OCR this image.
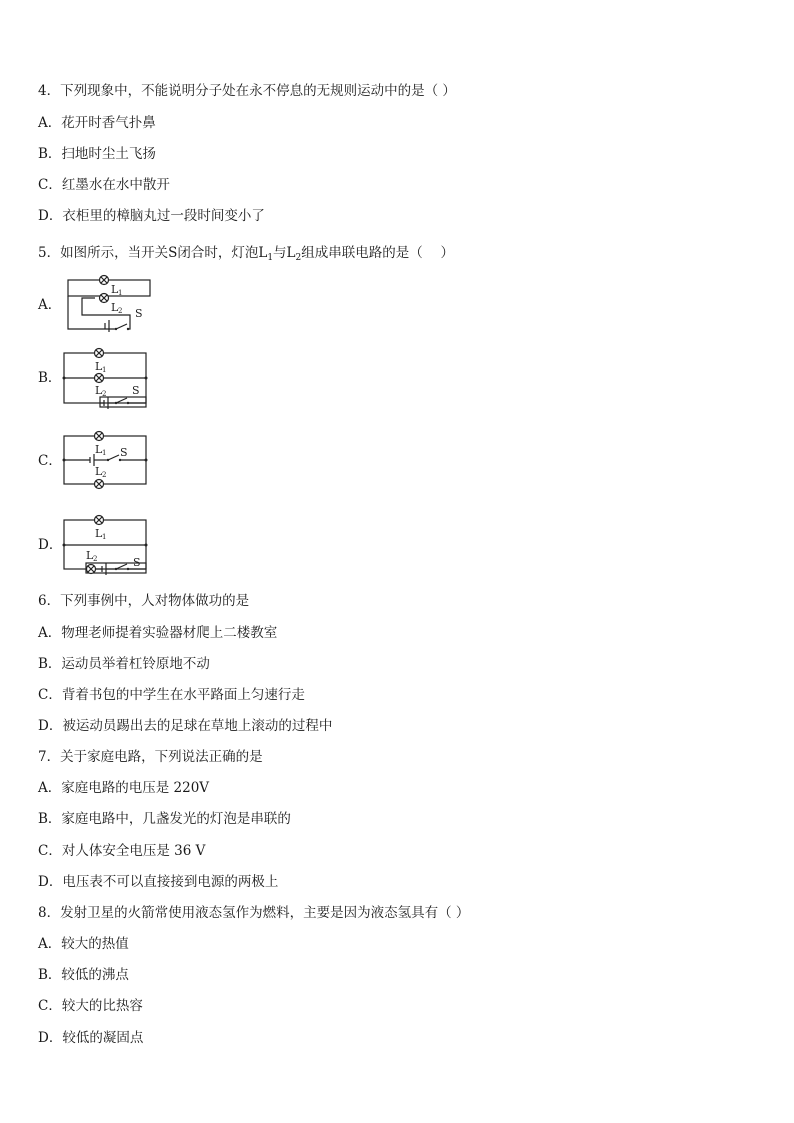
4．下列现象中，不能说明分子处在永不停息的无规则运动中的是（ ）
A．花开时香气扑鼻
B．扫地时尘土飞扬
C．红墨水在水中散开
D．衣柜里的樟脑丸过一段时间变小了
5．如图所示，当开关S闭合时，灯泡$L_1$与$L_2$组成串联电路的是（　 ）
A．
L 1
L 2 S
B．
L 1
L 2 S
C．
L 1 S
L 2
D．
L 1
L 2	S
6．下列事例中，人对物体做功的是
A．物理老师提着实验器材爬上二楼教室
B．运动员举着杠铃原地不动
C．背着书包的中学生在水平路面上匀速行走
D．被运动员踢出去的足球在草地上滚动的过程中
7．关于家庭电路，下列说法正确的是
A．家庭电路的电压是 220V
B．家庭电路中，几盏发光的灯泡是串联的
C．对人体安全电压是 36 V
D．电压表不可以直接接到电源的两极上
8．发射卫星的火箭常使用液态氢作为燃料，主要是因为液态氢具有（ ）
A．较大的热值
B．较低的沸点
C．较大的比热容
D．较低的凝固点
